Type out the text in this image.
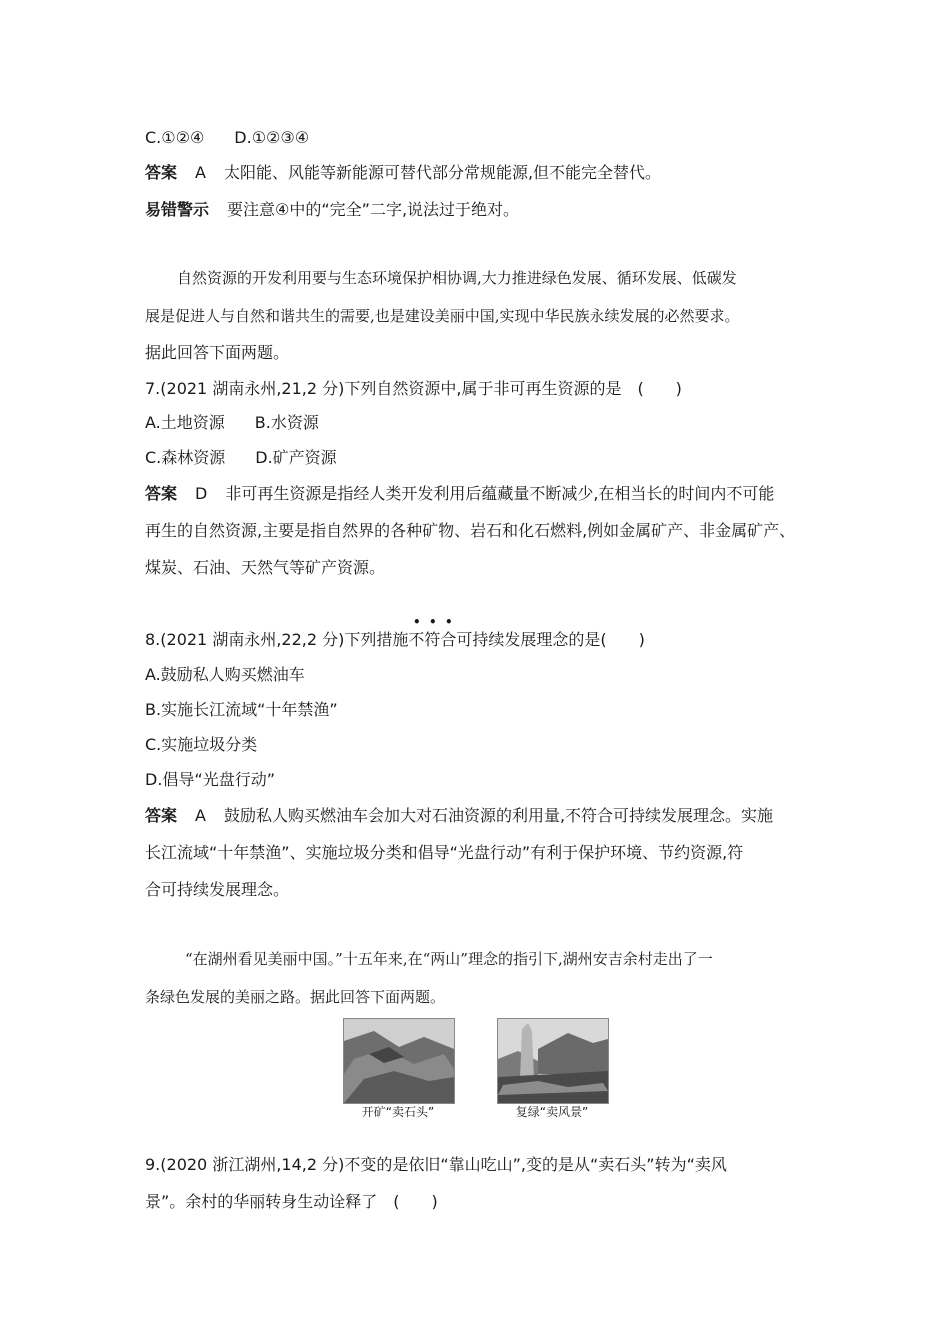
C.①②④ D.①②③④
答案 A 太阳能、风能等新能源可替代部分常规能源,但不能完全替代。
易错警示 要注意④中的“完全”二字,说法过于绝对。
自然资源的开发利用要与生态环境保护相协调,大力推进绿色发展、循环发展、低碳发
展是促进人与自然和谐共生的需要,也是建设美丽中国,实现中华民族永续发展的必然要求。
据此回答下面两题。
7.(2021 湖南永州,21,2 分)下列自然资源中,属于非可再生资源的是　(　　)
A.土地资源 B.水资源
C.森林资源 D.矿产资源
答案 D 非可再生资源是指经人类开发利用后蕴藏量不断减少,在相当长的时间内不可能
再生的自然资源,主要是指自然界的各种矿物、岩石和化石燃料,例如金属矿产、非金属矿产、
煤炭、石油、天然气等矿产资源。
•  •  •
8.(2021 湖南永州,22,2 分)下列措施不符合可持续发展理念的是(　　)
A.鼓励私人购买燃油车
B.实施长江流域“十年禁渔”
C.实施垃圾分类
D.倡导“光盘行动”
答案 A 鼓励私人购买燃油车会加大对石油资源的利用量,不符合可持续发展理念。实施
长江流域“十年禁渔”、实施垃圾分类和倡导“光盘行动”有利于保护环境、节约资源,符
合可持续发展理念。
“在湖州看见美丽中国。”十五年来,在“两山”理念的指引下,湖州安吉余村走出了一
条绿色发展的美丽之路。据此回答下面两题。
开矿“卖石头”	复绿“卖风景”
9.(2020 浙江湖州,14,2 分)不变的是依旧“靠山吃山”,变的是从“卖石头”转为“卖风
景”。余村的华丽转身生动诠释了　(　　)
